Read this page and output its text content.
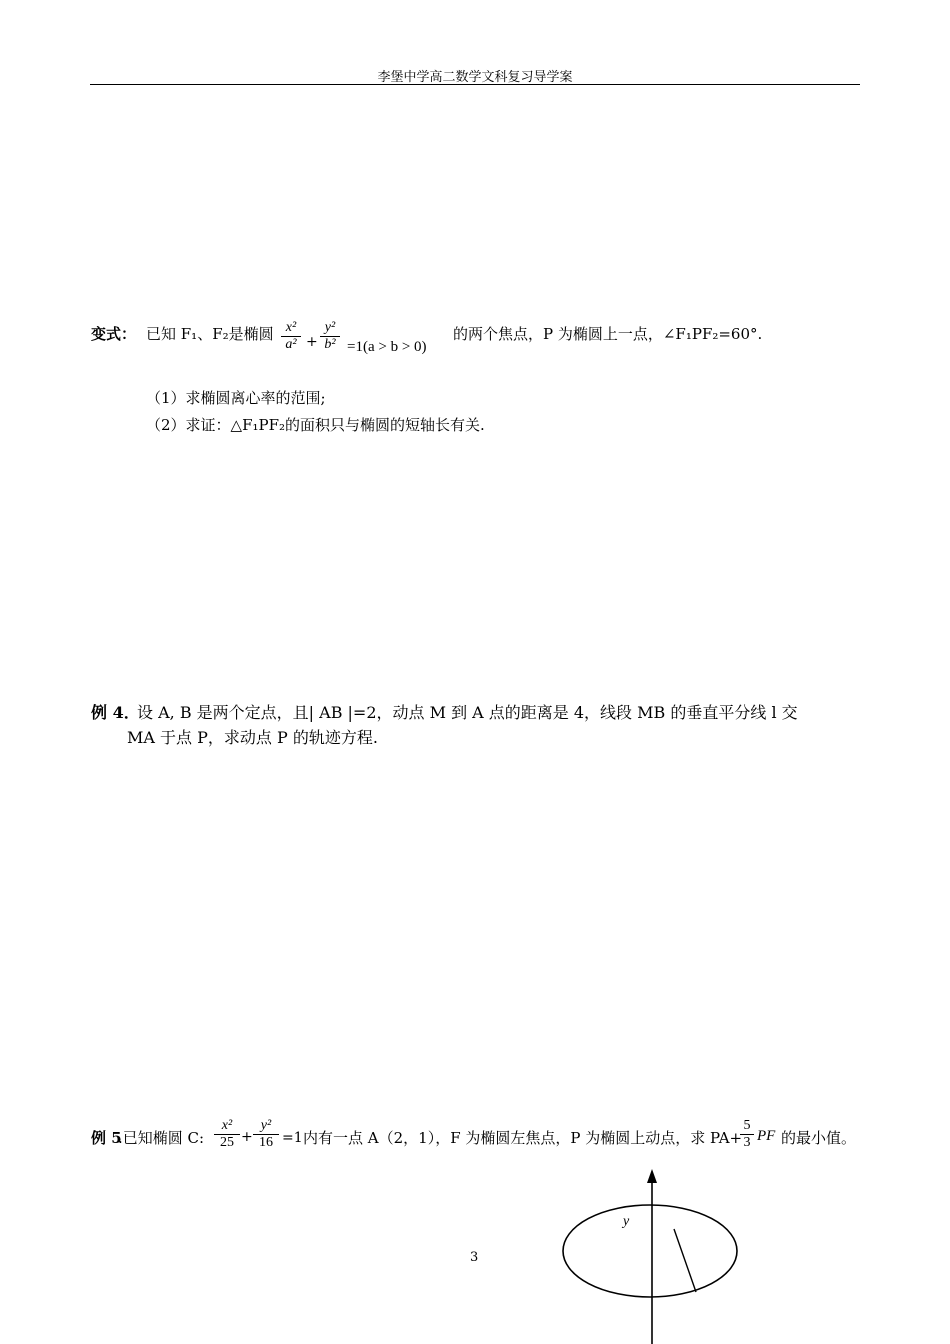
李堡中学高二数学文科复习导学案
变式： 已知 F₁、F₂是椭圆 x²
a² +
y²
b² =1(a > b > 0)
的两个焦点，P 为椭圆上一点，∠F₁PF₂=60°.
（1）求椭圆离心率的范围;
（2）求证：△F₁PF₂的面积只与椭圆的短轴长有关.
例 4．
设 A, B 是两个定点，且| AB |=2，动点 M 到 A 点的距离是 4，线段 MB 的垂直平分线 l 交
MA 于点 P，求动点 P 的轨迹方程.
例 5
.已知椭圆 C:
x²
25 +
y²
16 =1 内有一点 A（2，1），F 为椭圆左焦点，P 为椭圆上动点，求 PA+
5
3 PF 的最小值。
y
3
